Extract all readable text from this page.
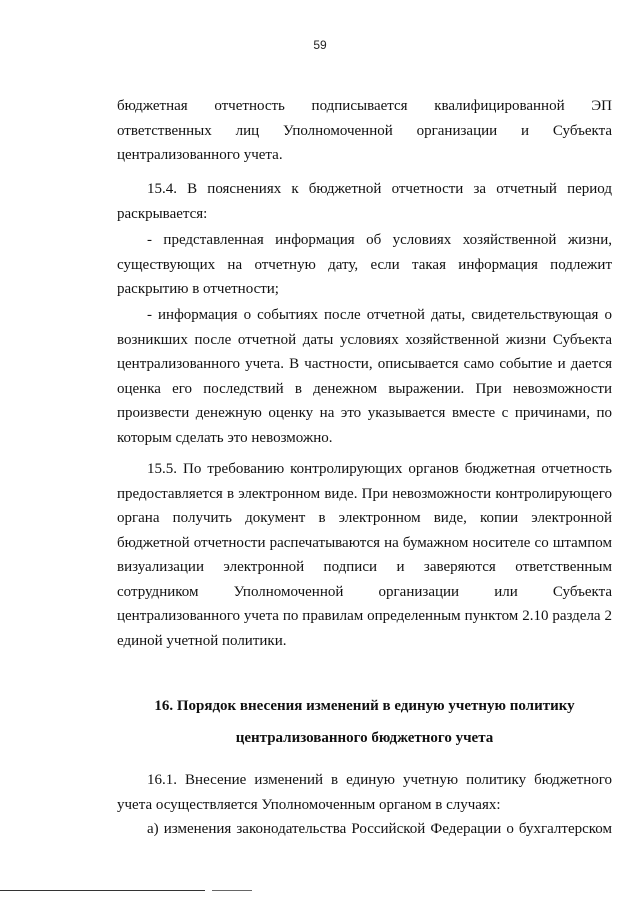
59
бюджетная отчетность подписывается квалифицированной ЭП
ответственных лиц Уполномоченной организации и Субъекта
централизованного учета.
15.4. В пояснениях к бюджетной отчетности за отчетный период
раскрывается:
- представленная информация об условиях хозяйственной жизни,
существующих на отчетную дату, если такая информация подлежит
раскрытию в отчетности;
- информация о событиях после отчетной даты, свидетельствующая о
возникших после отчетной даты условиях хозяйственной жизни Субъекта
централизованного учета. В частности, описывается само событие и дается
оценка его последствий в денежном выражении. При невозможности
произвести денежную оценку на это указывается вместе с причинами, по
которым сделать это невозможно.
15.5. По требованию контролирующих органов бюджетная отчетность
предоставляется в электронном виде. При невозможности контролирующего
органа получить документ в электронном виде, копии электронной
бюджетной отчетности распечатываются на бумажном носителе со штампом
визуализации электронной подписи и заверяются ответственным
сотрудником Уполномоченной организации или Субъекта
централизованного учета по правилам определенным пунктом 2.10 раздела 2
единой учетной политики.
16. Порядок внесения изменений в единую учетную политику
централизованного бюджетного учета
16.1. Внесение изменений в единую учетную политику бюджетного
учета осуществляется Уполномоченным органом в случаях:
а) изменения законодательства Российской Федерации о бухгалтерском
